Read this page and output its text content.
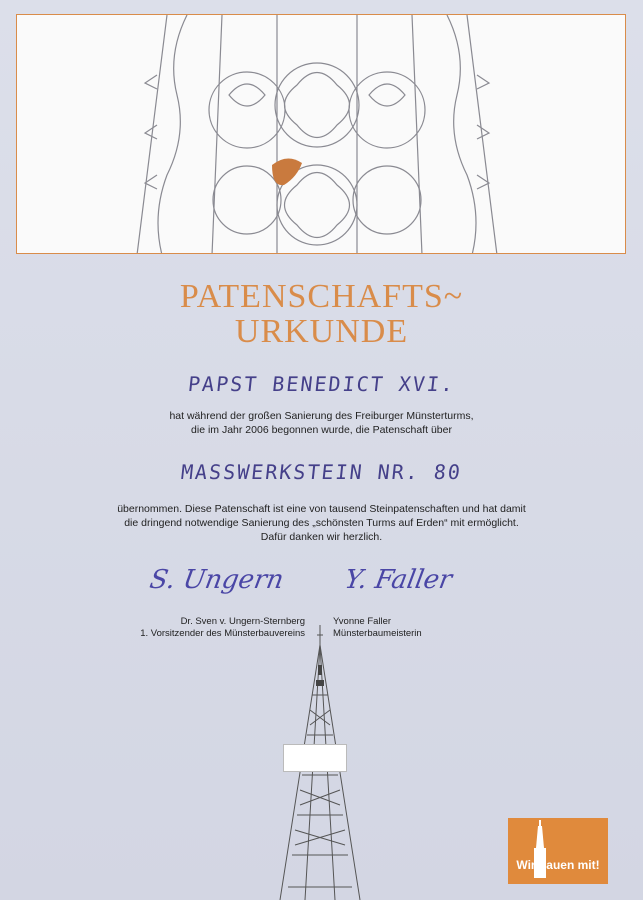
PATENSCHAFTS~
URKUNDE
PAPST BENEDICT XVI.
hat während der großen Sanierung des Freiburger Münsterturms,
die im Jahr 2006 begonnen wurde, die Patenschaft über
MASSWERKSTEIN NR. 80
übernommen. Diese Patenschaft ist eine von tausend Steinpatenschaften und hat damit
die dringend notwendige Sanierung des „schönsten Turms auf Erden“ mit ermöglicht.
Dafür danken wir herzlich.
S. Ungern Y. Faller
Dr. Sven v. Ungern-Sternberg
1. Vorsitzender des Münsterbauvereins
Yvonne Faller
Münsterbaumeisterin
Wir bauen mit!
